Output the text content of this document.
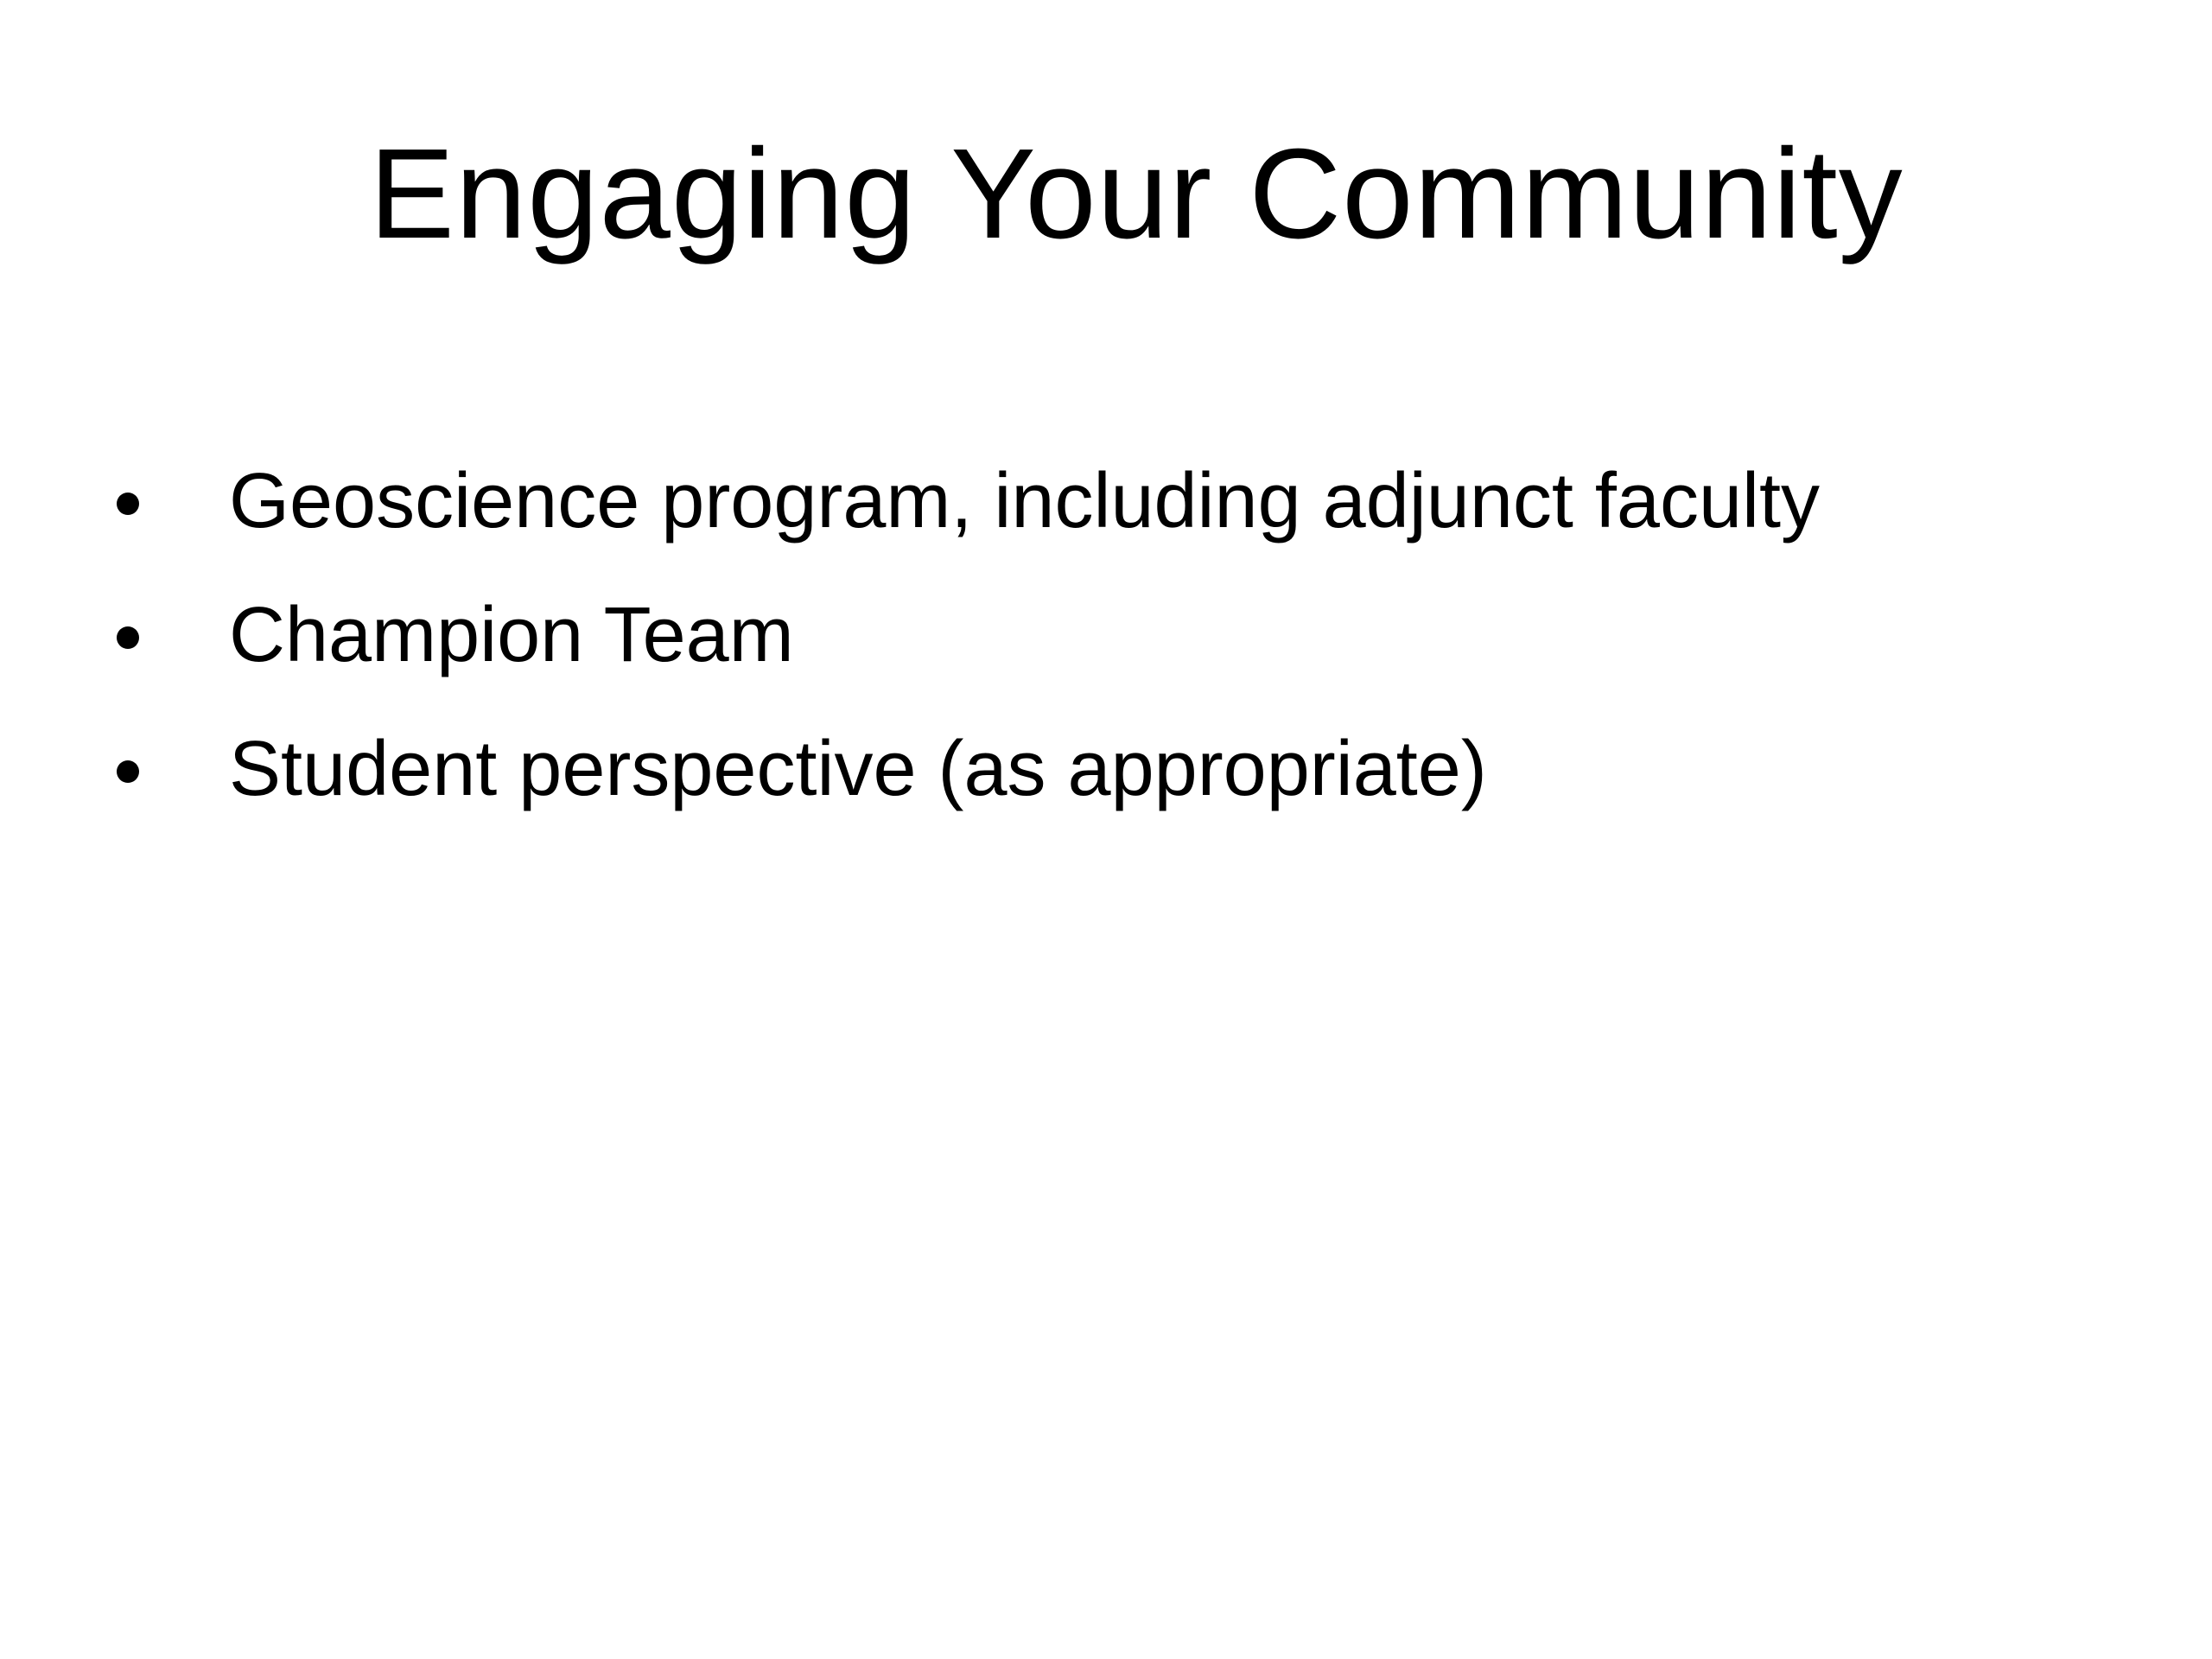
Engaging Your Community
Geoscience program, including adjunct faculty
Champion Team
Student perspective (as appropriate)
